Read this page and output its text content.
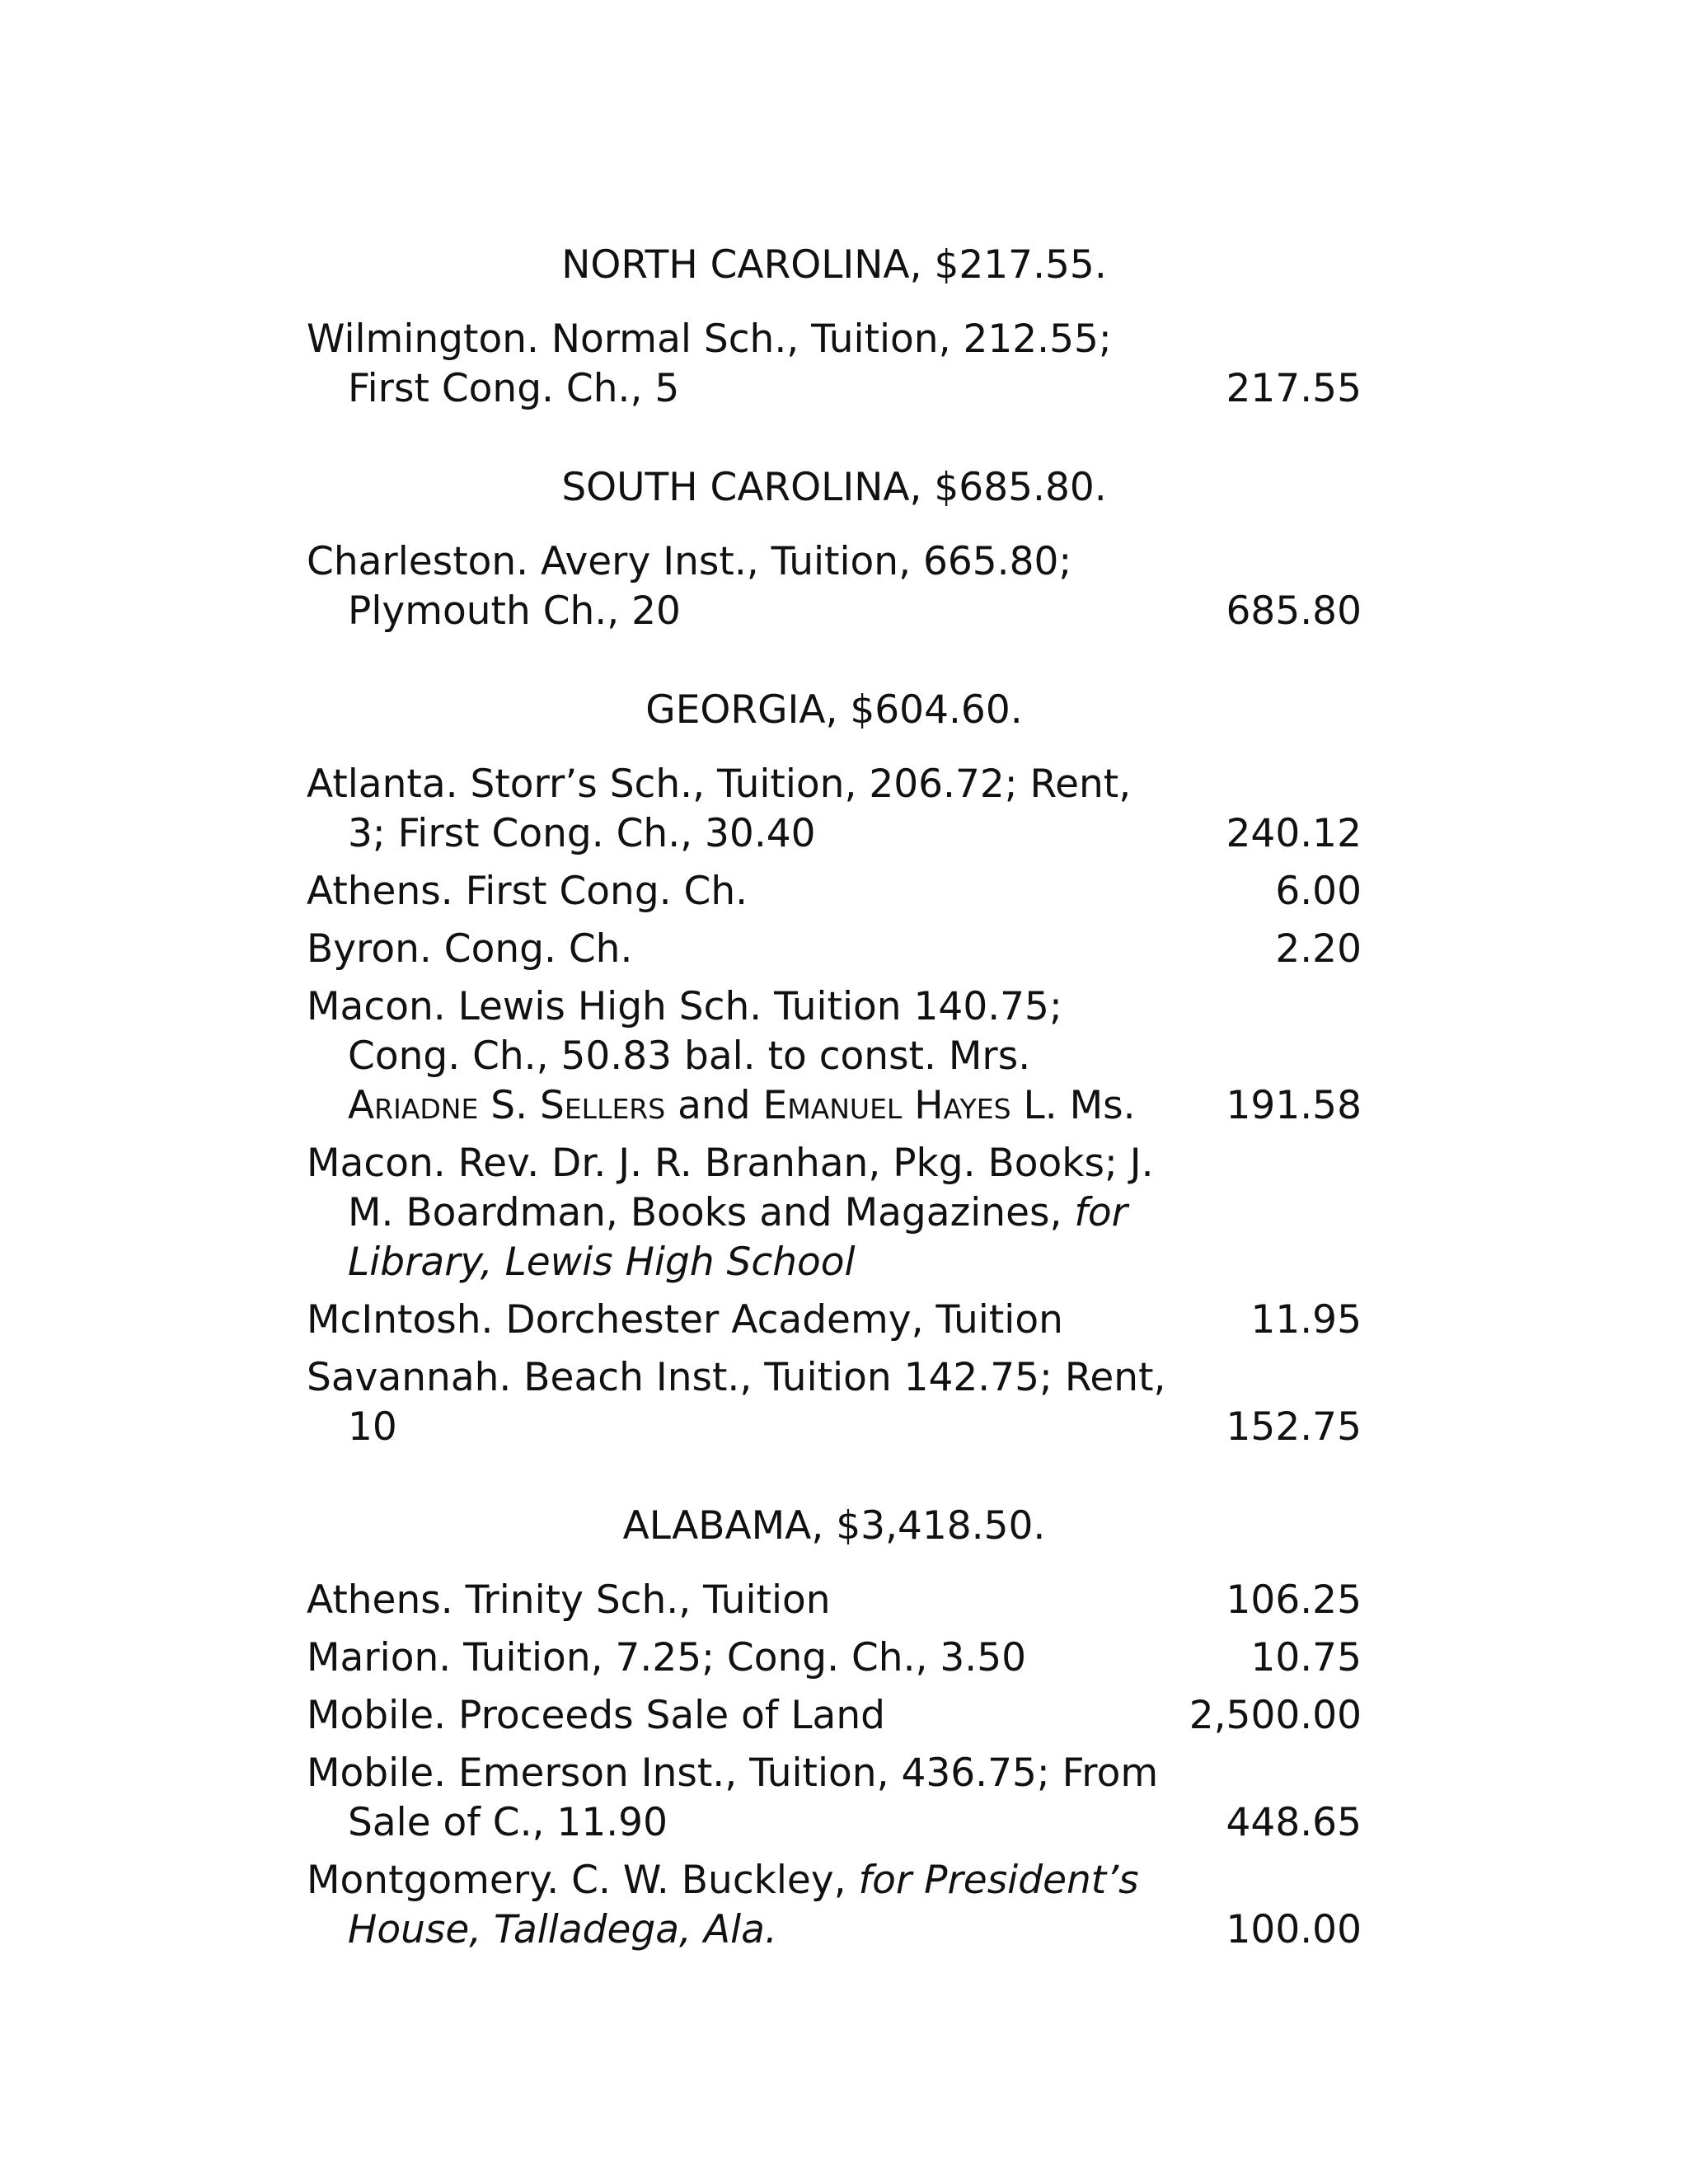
NORTH CAROLINA, $217.55.

Wilmington. Normal Sch., Tuition, 212.55; First Cong. Ch., 5	217.55

SOUTH CAROLINA, $685.80.

Charleston. Avery Inst., Tuition, 665.80; Plymouth Ch., 20	685.80

GEORGIA, $604.60.

Atlanta. Storr’s Sch., Tuition, 206.72; Rent, 3; First Cong. Ch., 30.40	240.12
Athens. First Cong. Ch.	6.00
Byron. Cong. Ch.	2.20
Macon. Lewis High Sch. Tuition 140.75; Cong. Ch., 50.83 bal. to const. Mrs. Ariadne S. Sellers and Emanuel Hayes L. Ms. 191.58
Macon. Rev. Dr. J. R. Branhan, Pkg. Books; J. M. Boardman, Books and Magazines, for Library, Lewis High School
McIntosh. Dorchester Academy, Tuition	11.95
Savannah. Beach Inst., Tuition 142.75; Rent, 10	152.75

ALABAMA, $3,418.50.

Athens. Trinity Sch., Tuition	106.25
Marion. Tuition, 7.25; Cong. Ch., 3.50	10.75
Mobile. Proceeds Sale of Land	2,500.00
Mobile. Emerson Inst., Tuition, 436.75; From Sale of C., 11.90	448.65
Montgomery. C. W. Buckley, for President’s House, Talladega, Ala.	100.00
